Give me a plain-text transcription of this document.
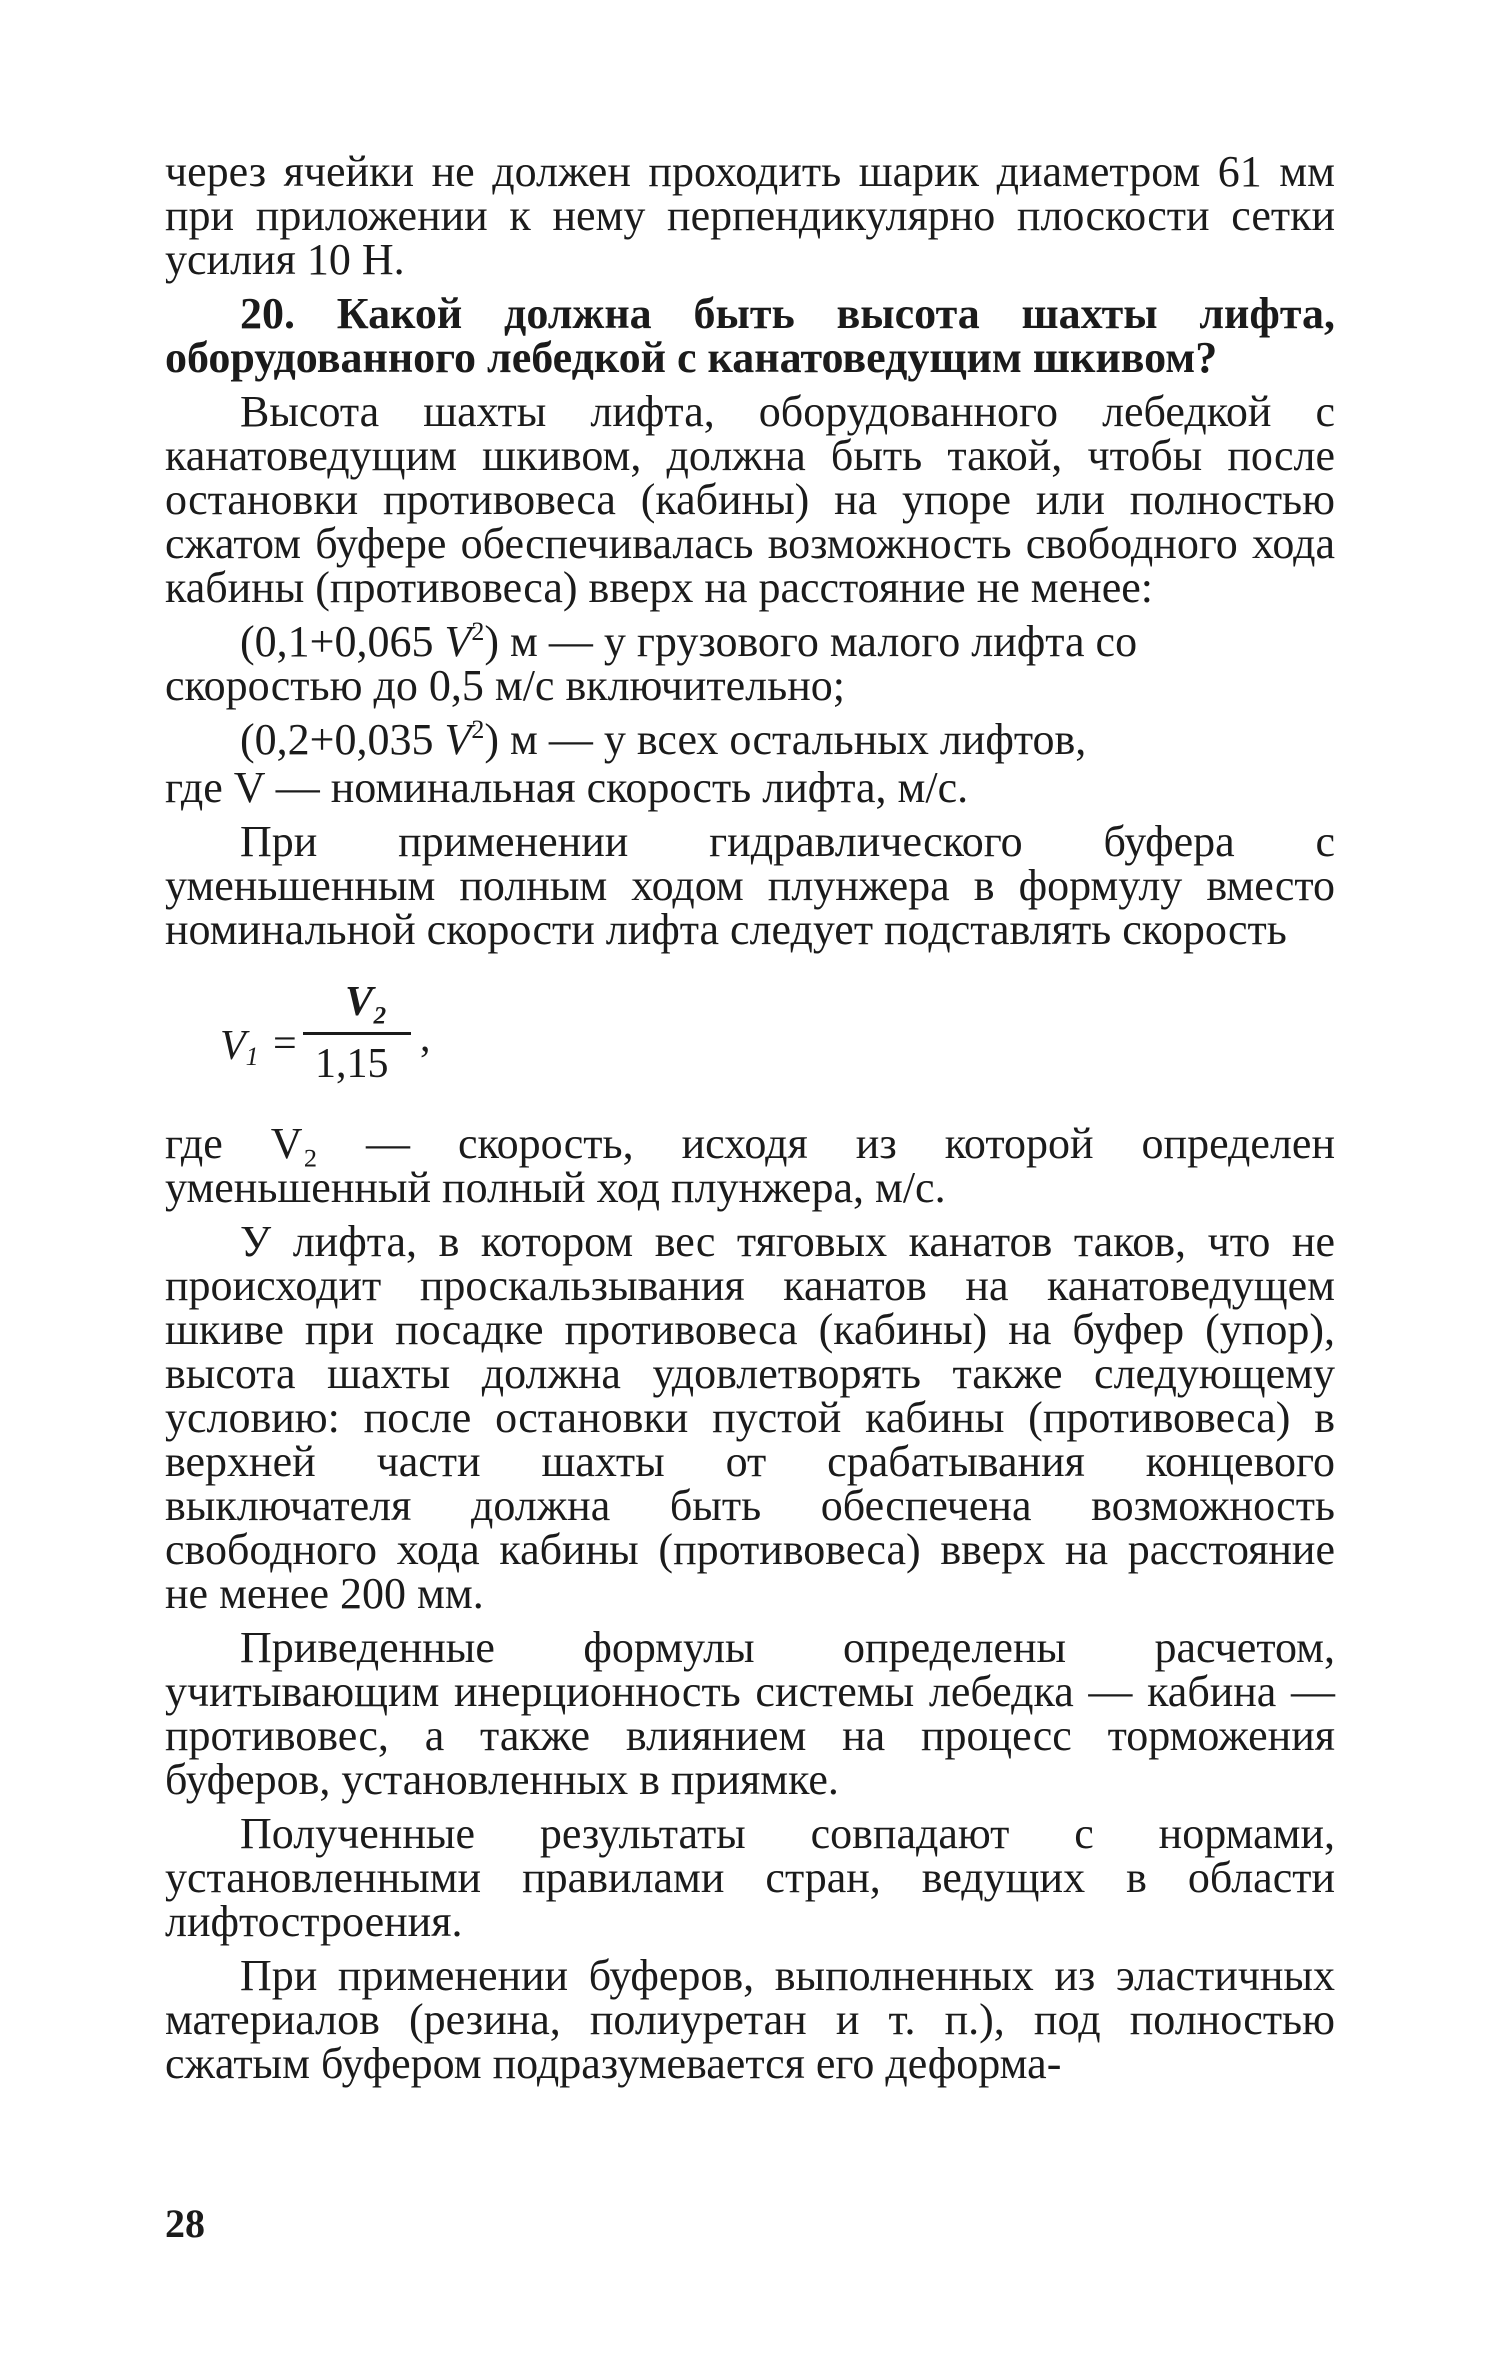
через ячейки не должен проходить шарик диаметром 61 мм при приложении к нему перпендикулярно плоскости сетки усилия 10 Н.

20. Какой должна быть высота шахты лифта, оборудованного лебедкой с канатоведущим шкивом?

Высота шахты лифта, оборудованного лебедкой с канатоведущим шкивом, должна быть такой, чтобы после остановки противовеса (кабины) на упоре или полностью сжатом буфере обеспечивалась возможность свободного хода кабины (противовеса) вверх на расстояние не менее:

(0,1+0,065 $V^2$) м — у грузового малого лифта со скоростью до 0,5 м/с включительно;

(0,2+0,035 $V^2$) м — у всех остальных лифтов,

где V — номинальная скорость лифта, м/с.

При применении гидравлического буфера с уменьшенным полным ходом плунжера в формулу вместо номинальной скорости лифта следует подставлять скорость

$V_1$ =
V₂
1,15
,

где V₂ — скорость, исходя из которой определен уменьшенный полный ход плунжера, м/с.

У лифта, в котором вес тяговых канатов таков, что не происходит проскальзывания канатов на канатоведущем шкиве при посадке противовеса (кабины) на буфер (упор), высота шахты должна удовлетворять также следующему условию: после остановки пустой кабины (противовеса) в верхней части шахты от срабатывания концевого выключателя должна быть обеспечена возможность свободного хода кабины (противовеса) вверх на расстояние не менее 200 мм.

Приведенные формулы определены расчетом, учитывающим инерционность системы лебедка — кабина — противовес, а также влиянием на процесс торможения буферов, установленных в приямке.

Полученные результаты совпадают с нормами, установленными правилами стран, ведущих в области лифтостроения.

При применении буферов, выполненных из эластичных материалов (резина, полиуретан и т. п.), под полностью сжатым буфером подразумевается его деформа-

28
